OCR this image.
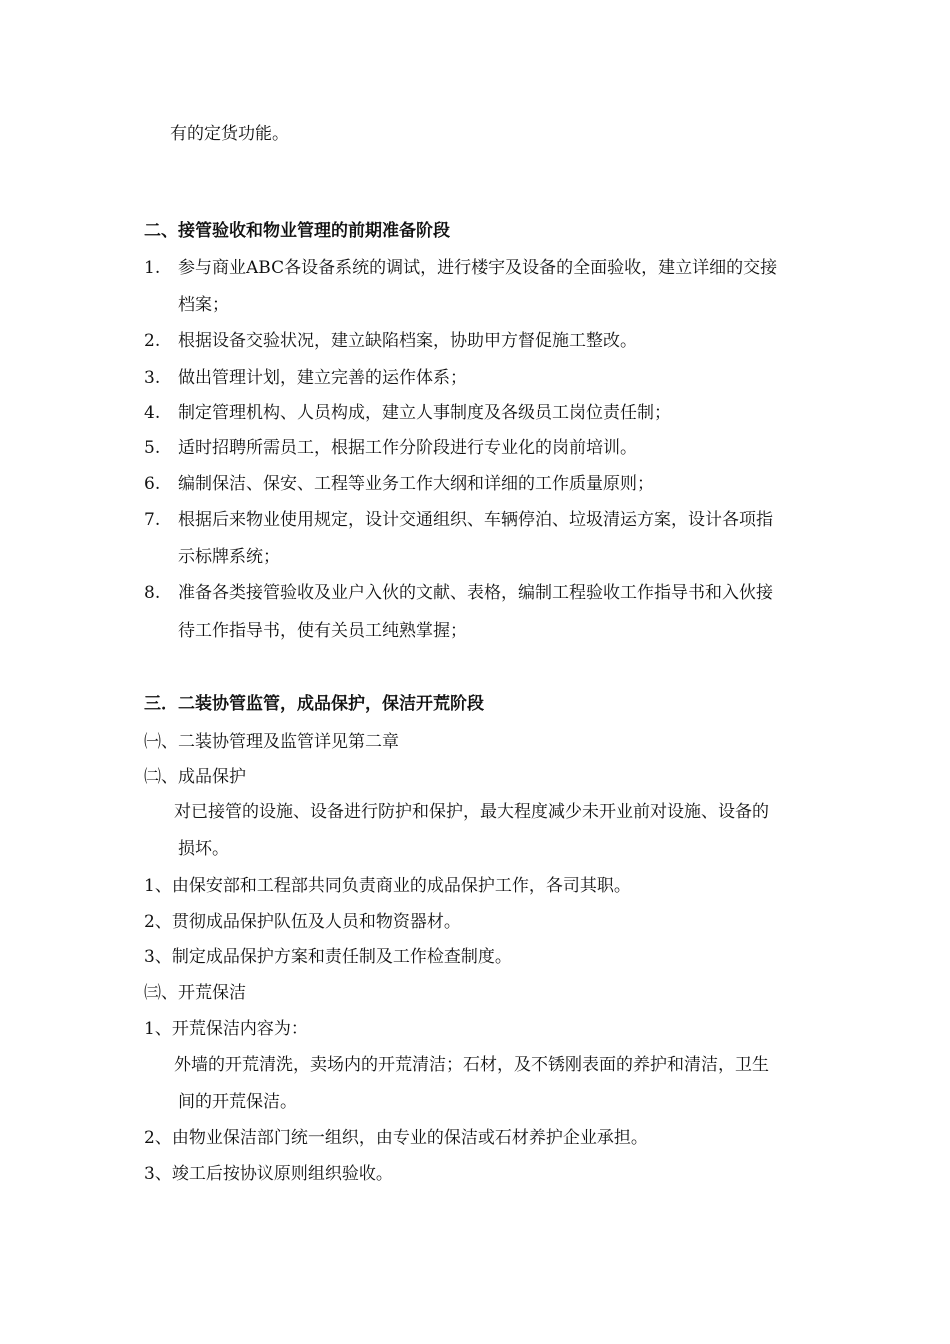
有的定货功能。
二、接管验收和物业管理的前期准备阶段
1. 参与商业ABC各设备系统的调试，进行楼宇及设备的全面验收，建立详细的交接
档案；
2. 根据设备交验状况，建立缺陷档案，协助甲方督促施工整改。
3. 做出管理计划，建立完善的运作体系；
4. 制定管理机构、人员构成，建立人事制度及各级员工岗位责任制；
5. 适时招聘所需员工，根据工作分阶段进行专业化的岗前培训。
6. 编制保洁、保安、工程等业务工作大纲和详细的工作质量原则；
7. 根据后来物业使用规定，设计交通组织、车辆停泊、垃圾清运方案，设计各项指
示标牌系统；
8. 准备各类接管验收及业户入伙的文献、表格，编制工程验收工作指导书和入伙接
待工作指导书，使有关员工纯熟掌握；
三．二装协管监管，成品保护，保洁开荒阶段
㈠、二装协管理及监管详见第二章
㈡、成品保护
对已接管的设施、设备进行防护和保护，最大程度减少未开业前对设施、设备的
损坏。
1、由保安部和工程部共同负责商业的成品保护工作，各司其职。
2、贯彻成品保护队伍及人员和物资器材。
3、制定成品保护方案和责任制及工作检查制度。
㈢、开荒保洁
1、开荒保洁内容为：
外墙的开荒清洗，卖场内的开荒清洁；石材，及不锈刚表面的养护和清洁，卫生
间的开荒保洁。
2、由物业保洁部门统一组织，由专业的保洁或石材养护企业承担。
3、竣工后按协议原则组织验收。
